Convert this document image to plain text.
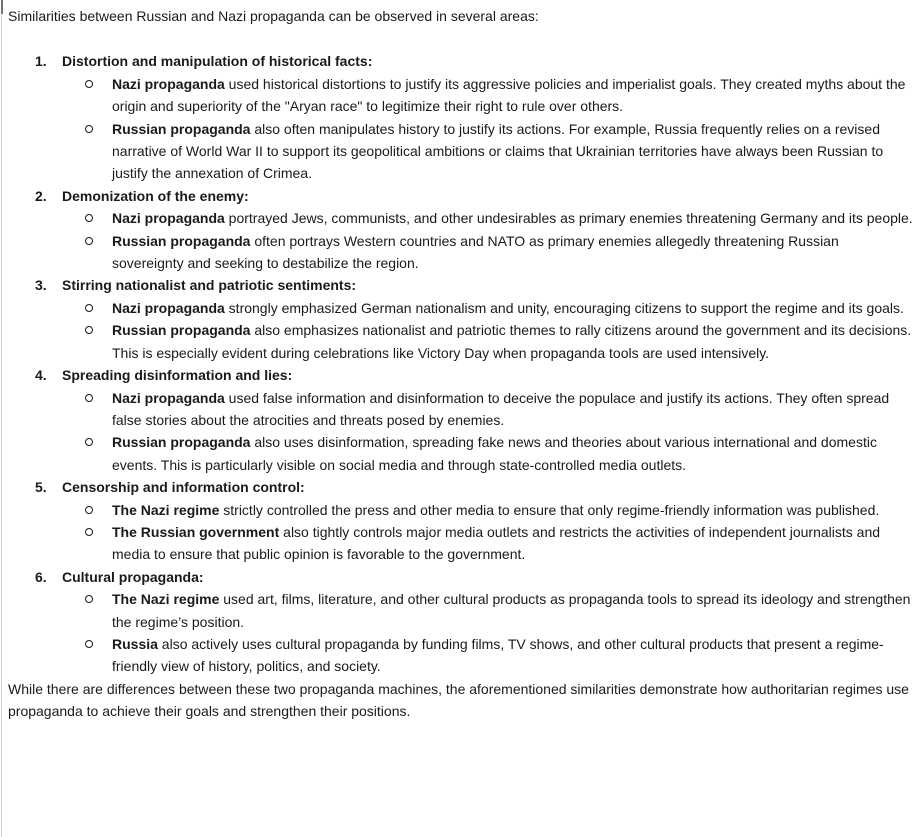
Similarities between Russian and Nazi propaganda can be observed in several areas:

1. Distortion and manipulation of historical facts:
Nazi propaganda used historical distortions to justify its aggressive policies and imperialist goals. They created myths about the origin and superiority of the "Aryan race" to legitimize their right to rule over others.
Russian propaganda also often manipulates history to justify its actions. For example, Russia frequently relies on a revised narrative of World War II to support its geopolitical ambitions or claims that Ukrainian territories have always been Russian to justify the annexation of Crimea.
2. Demonization of the enemy:
Nazi propaganda portrayed Jews, communists, and other undesirables as primary enemies threatening Germany and its people.
Russian propaganda often portrays Western countries and NATO as primary enemies allegedly threatening Russian sovereignty and seeking to destabilize the region.
3. Stirring nationalist and patriotic sentiments:
Nazi propaganda strongly emphasized German nationalism and unity, encouraging citizens to support the regime and its goals.
Russian propaganda also emphasizes nationalist and patriotic themes to rally citizens around the government and its decisions. This is especially evident during celebrations like Victory Day when propaganda tools are used intensively.
4. Spreading disinformation and lies:
Nazi propaganda used false information and disinformation to deceive the populace and justify its actions. They often spread false stories about the atrocities and threats posed by enemies.
Russian propaganda also uses disinformation, spreading fake news and theories about various international and domestic events. This is particularly visible on social media and through state-controlled media outlets.
5. Censorship and information control:
The Nazi regime strictly controlled the press and other media to ensure that only regime-friendly information was published.
The Russian government also tightly controls major media outlets and restricts the activities of independent journalists and media to ensure that public opinion is favorable to the government.
6. Cultural propaganda:
The Nazi regime used art, films, literature, and other cultural products as propaganda tools to spread its ideology and strengthen the regime’s position.
Russia also actively uses cultural propaganda by funding films, TV shows, and other cultural products that present a regime-friendly view of history, politics, and society.

While there are differences between these two propaganda machines, the aforementioned similarities demonstrate how authoritarian regimes use propaganda to achieve their goals and strengthen their positions.
